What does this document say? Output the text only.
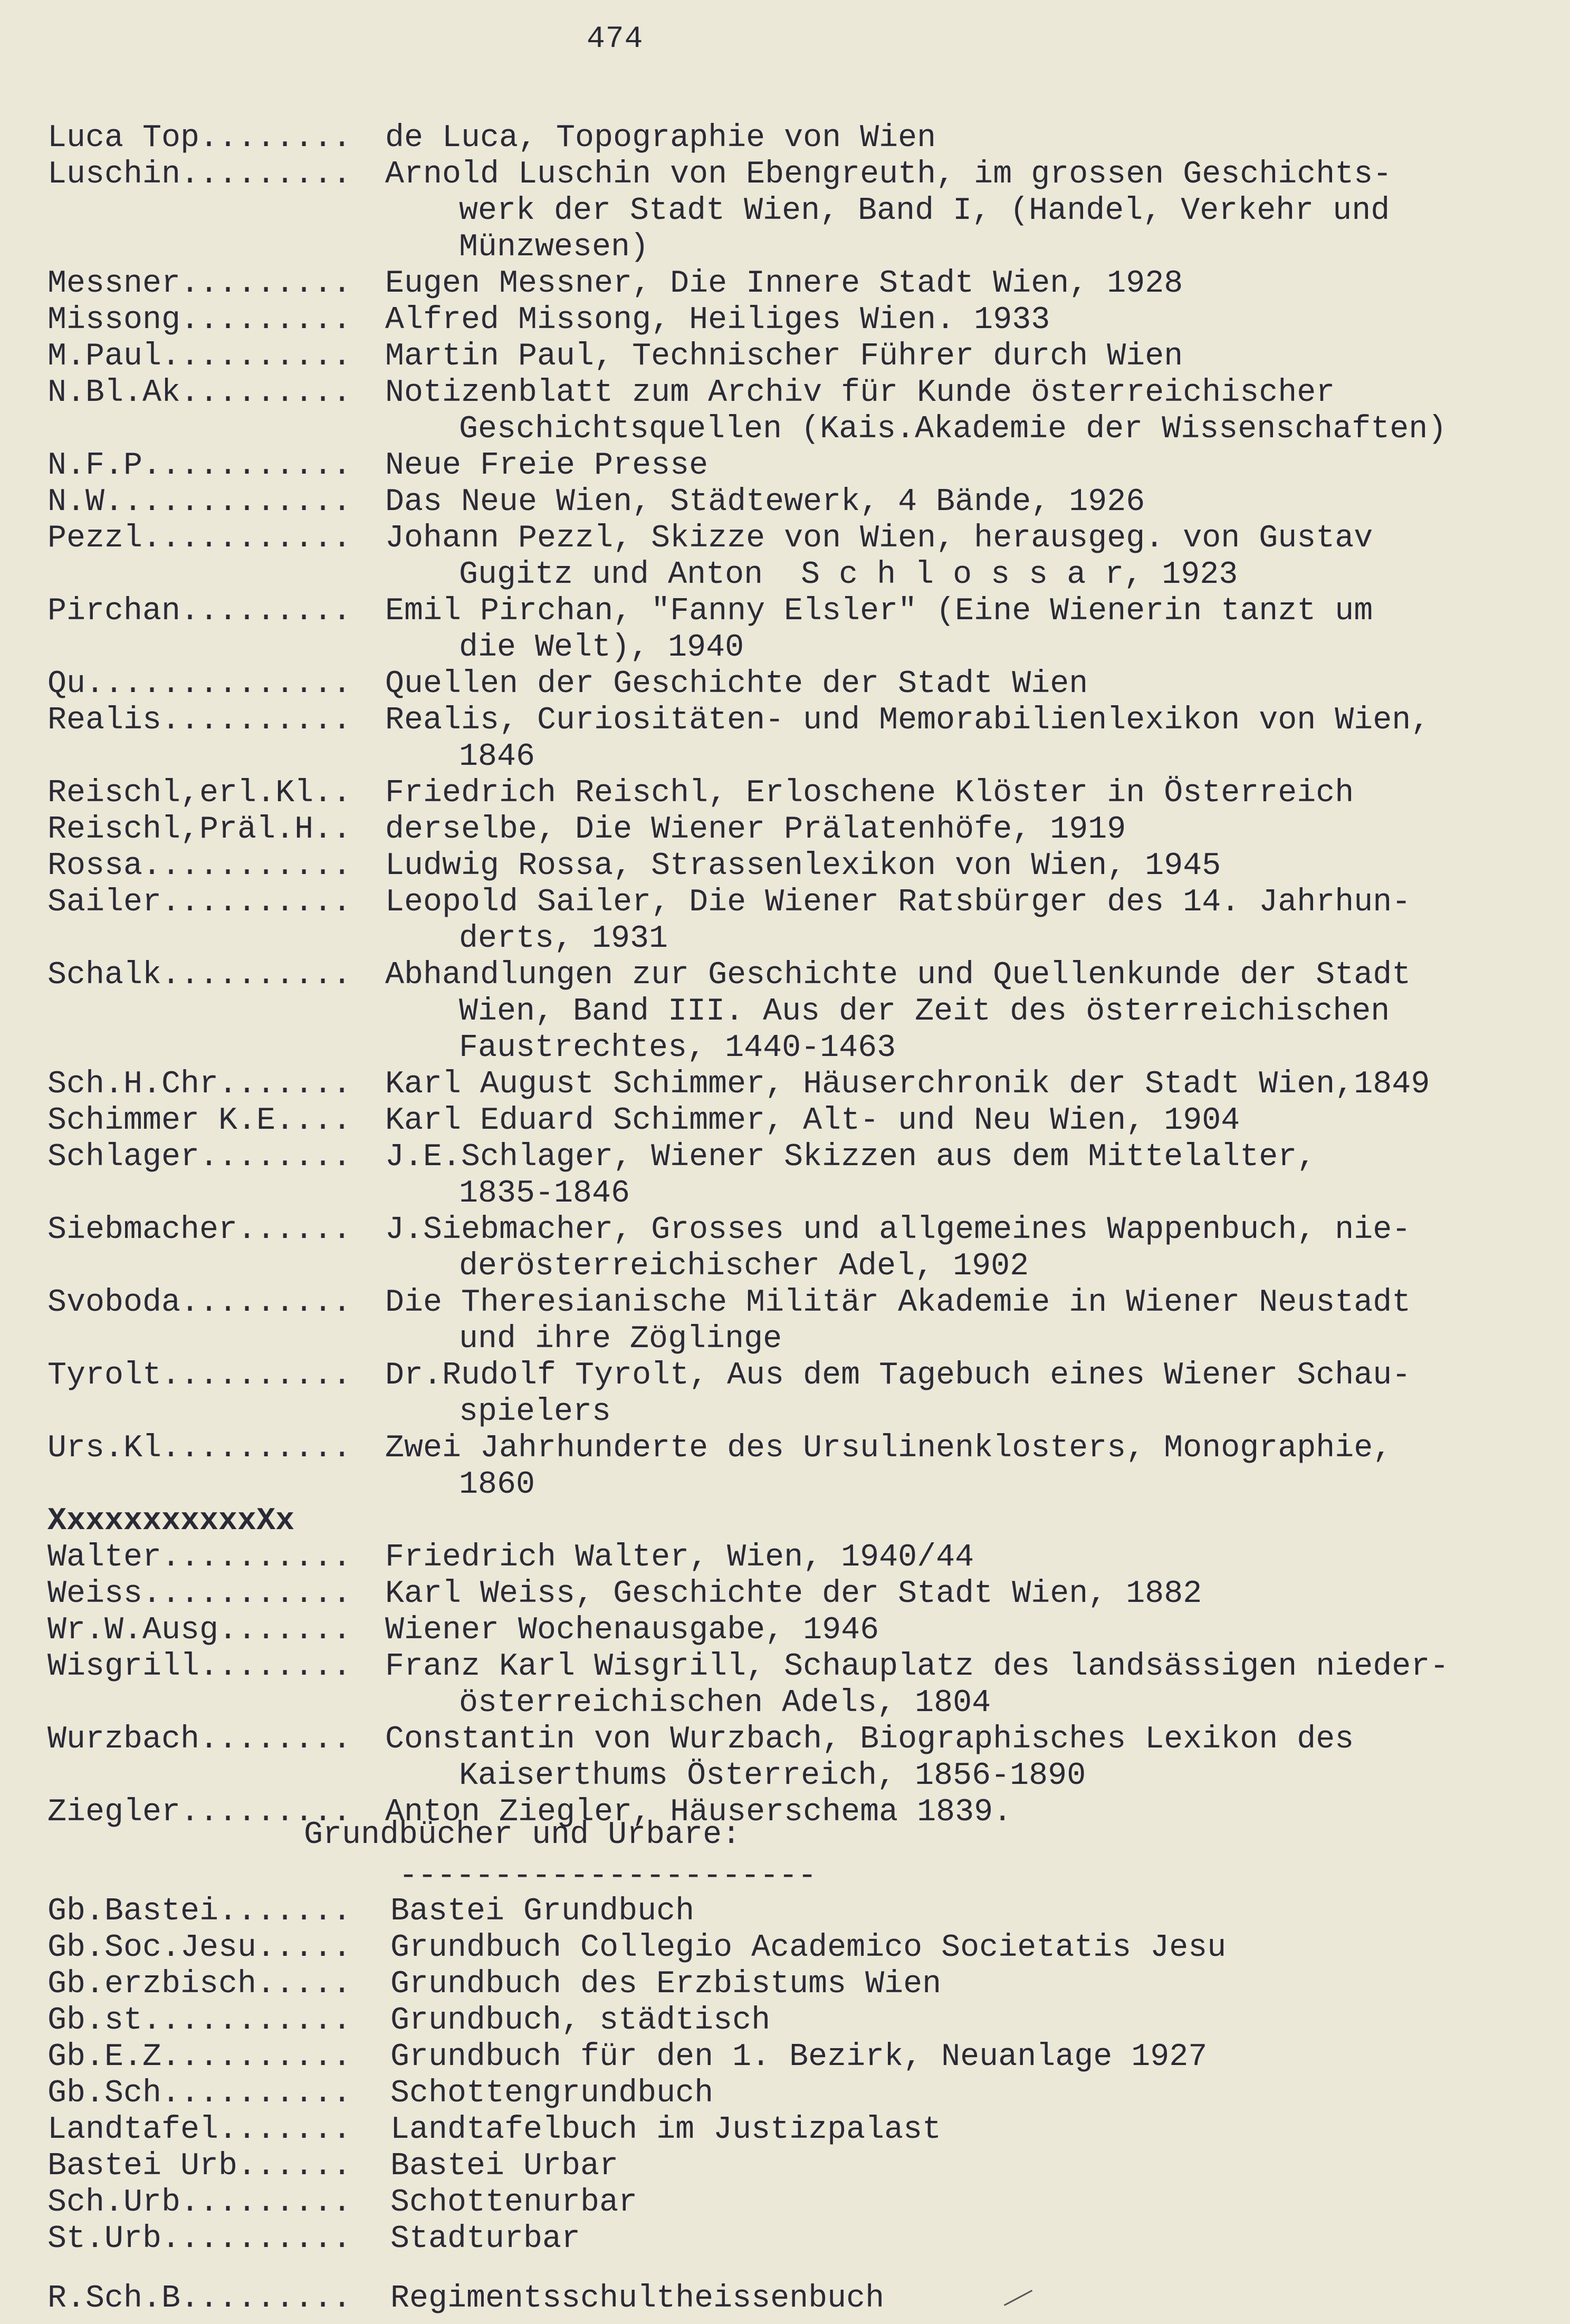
474
Luca Top........	de Luca, Topographie von Wien
Luschin.........	Arnold Luschin von Ebengreuth, im grossen Geschichts-
werk der Stadt Wien, Band I, (Handel, Verkehr und
Münzwesen)
Messner.........	Eugen Messner, Die Innere Stadt Wien, 1928
Missong.........	Alfred Missong, Heiliges Wien. 1933
M.Paul..........	Martin Paul, Technischer Führer durch Wien
N.Bl.Ak.........	Notizenblatt zum Archiv für Kunde österreichischer
Geschichtsquellen (Kais.Akademie der Wissenschaften)
N.F.P...........	Neue Freie Presse
N.W.............	Das Neue Wien, Städtewerk, 4 Bände, 1926
Pezzl...........	Johann Pezzl, Skizze von Wien, herausgeg. von Gustav
Gugitz und Anton  S c h l o s s a r, 1923
Pirchan.........	Emil Pirchan, "Fanny Elsler" (Eine Wienerin tanzt um
die Welt), 1940
Qu..............	Quellen der Geschichte der Stadt Wien
Realis..........	Realis, Curiositäten- und Memorabilienlexikon von Wien,
1846
Reischl,erl.Kl..	Friedrich Reischl, Erloschene Klöster in Österreich
Reischl,Präl.H..	derselbe, Die Wiener Prälatenhöfe, 1919
Rossa...........	Ludwig Rossa, Strassenlexikon von Wien, 1945
Sailer..........	Leopold Sailer, Die Wiener Ratsbürger des 14. Jahrhun-
derts, 1931
Schalk..........	Abhandlungen zur Geschichte und Quellenkunde der Stadt
Wien, Band III. Aus der Zeit des österreichischen
Faustrechtes, 1440-1463
Sch.H.Chr.......	Karl August Schimmer, Häuserchronik der Stadt Wien,1849
Schimmer K.E....	Karl Eduard Schimmer, Alt- und Neu Wien, 1904
Schlager........	J.E.Schlager, Wiener Skizzen aus dem Mittelalter,
1835-1846
Siebmacher......	J.Siebmacher, Grosses und allgemeines Wappenbuch, nie-
derösterreichischer Adel, 1902
Svoboda.........	Die Theresianische Militär Akademie in Wiener Neustadt
und ihre Zöglinge
Tyrolt..........	Dr.Rudolf Tyrolt, Aus dem Tagebuch eines Wiener Schau-
spielers
Urs.Kl..........	Zwei Jahrhunderte des Ursulinenklosters, Monographie,
1860
XxxxxxxxxxxXx
Walter..........	Friedrich Walter, Wien, 1940/44
Weiss...........	Karl Weiss, Geschichte der Stadt Wien, 1882
Wr.W.Ausg.......	Wiener Wochenausgabe, 1946
Wisgrill........	Franz Karl Wisgrill, Schauplatz des landsässigen nieder-
österreichischen Adels, 1804
Wurzbach........	Constantin von Wurzbach, Biographisches Lexikon des
Kaiserthums Österreich, 1856-1890
Ziegler.........	Anton Ziegler, Häuserschema 1839.
Grundbücher und Urbare:
----------------------
Gb.Bastei.......	Bastei Grundbuch
Gb.Soc.Jesu.....	Grundbuch Collegio Academico Societatis Jesu
Gb.erzbisch.....	Grundbuch des Erzbistums Wien
Gb.st...........	Grundbuch, städtisch
Gb.E.Z..........	Grundbuch für den 1. Bezirk, Neuanlage 1927
Gb.Sch..........	Schottengrundbuch
Landtafel.......	Landtafelbuch im Justizpalast
Bastei Urb......	Bastei Urbar
Sch.Urb.........	Schottenurbar
St.Urb..........	Stadturbar
R.Sch.B.........	Regimentsschultheissenbuch
